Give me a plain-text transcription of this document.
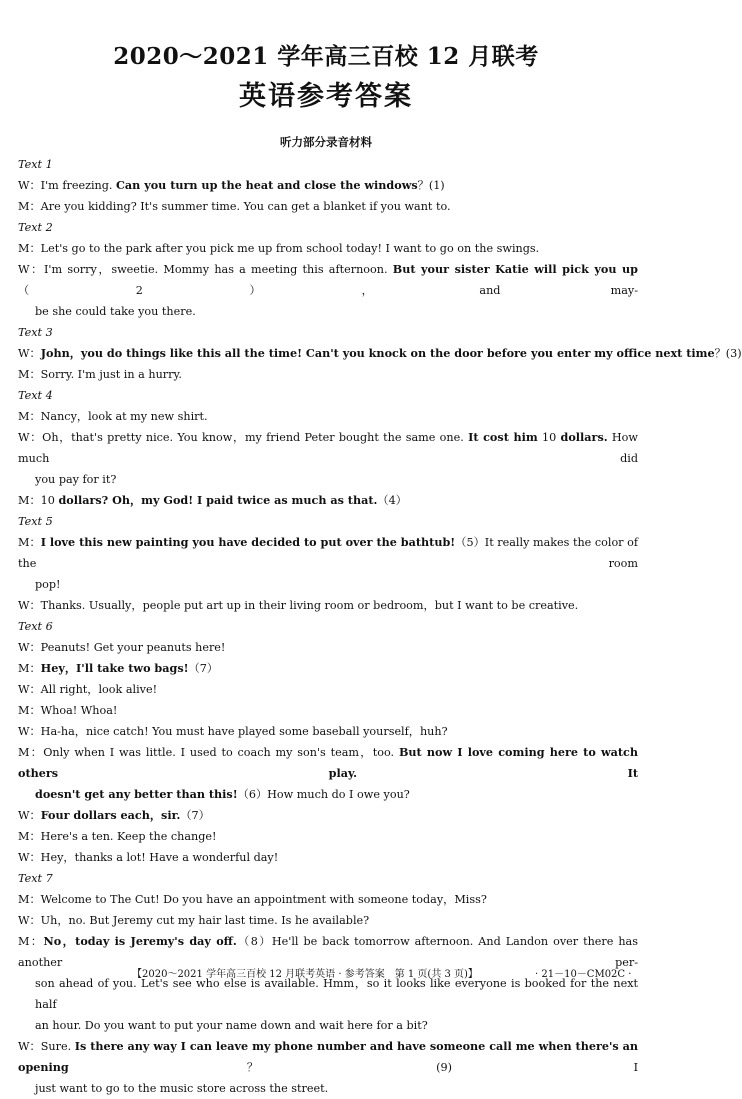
2020～2021 学年高三百校 12 月联考
英语参考答案
听力部分录音材料
Text 1
W：I'm freezing. Can you turn up the heat and close the windows？(1)
M：Are you kidding? It's summer time. You can get a blanket if you want to.
Text 2
M：Let's go to the park after you pick me up from school today! I want to go on the swings.
W：I'm sorry，sweetie. Mommy has a meeting this afternoon. But your sister Katie will pick you up（2），and may-
be she could take you there.
Text 3
W：John，you do things like this all the time! Can't you knock on the door before you enter my office next time？(3)
M：Sorry. I'm just in a hurry.
Text 4
M：Nancy，look at my new shirt.
W：Oh，that's pretty nice. You know，my friend Peter bought the same one. It cost him 10 dollars. How much did
you pay for it?
M：10 dollars? Oh，my God! I paid twice as much as that.（4）
Text 5
M：I love this new painting you have decided to put over the bathtub!（5）It really makes the color of the room
pop!
W：Thanks. Usually，people put art up in their living room or bedroom，but I want to be creative.
Text 6
W：Peanuts! Get your peanuts here!
M：Hey，I'll take two bags!（7）
W：All right，look alive!
M：Whoa! Whoa!
W：Ha-ha，nice catch! You must have played some baseball yourself，huh?
M：Only when I was little. I used to coach my son's team，too. But now I love coming here to watch others play. It
doesn't get any better than this!（6）How much do I owe you?
W：Four dollars each，sir.（7）
M：Here's a ten. Keep the change!
W：Hey，thanks a lot! Have a wonderful day!
Text 7
M：Welcome to The Cut! Do you have an appointment with someone today，Miss?
W：Uh，no. But Jeremy cut my hair last time. Is he available?
M：No，today is Jeremy's day off.（8）He'll be back tomorrow afternoon. And Landon over there has another per-
son ahead of you. Let's see who else is available. Hmm，so it looks like everyone is booked for the next half
an hour. Do you want to put your name down and wait here for a bit?
W：Sure. Is there any way I can leave my phone number and have someone call me when there's an opening？(9) I
just want to go to the music store across the street.
【2020～2021 学年高三百校 12 月联考英语 · 参考答案　第 1 页(共 3 页)】	· 21－10－CM02C ·
